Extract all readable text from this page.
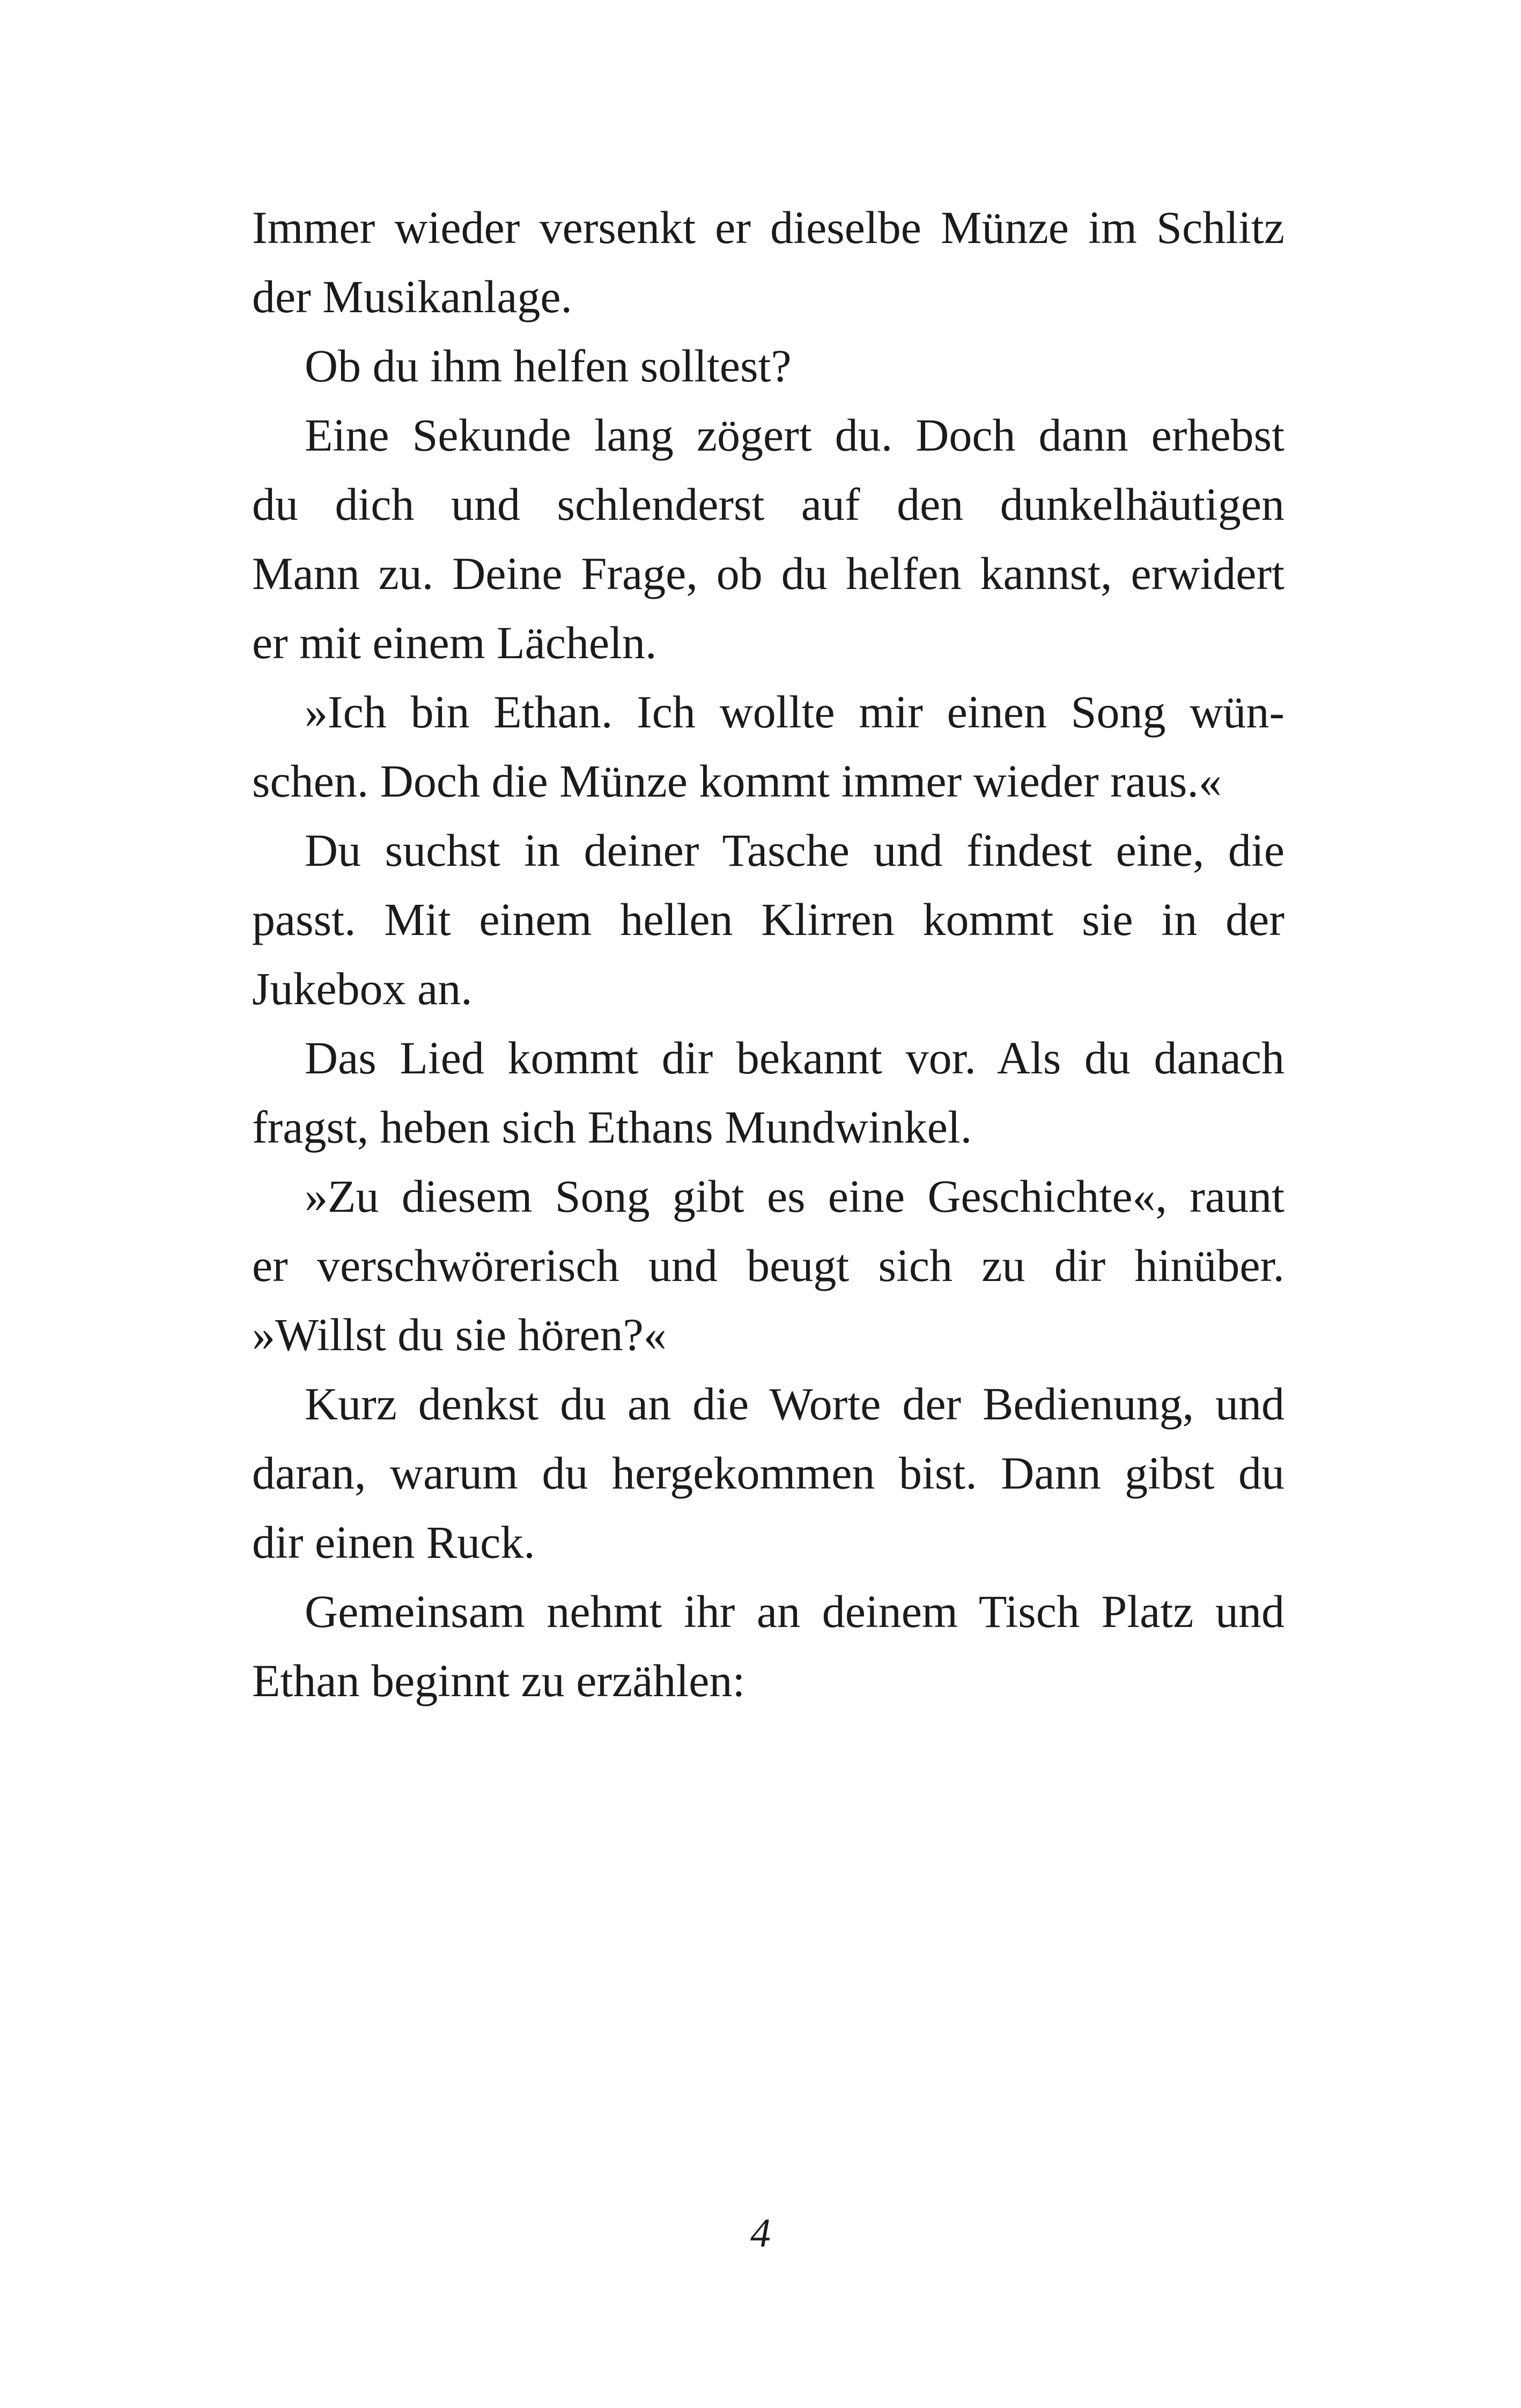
Immer wieder versenkt er dieselbe Münze im Schlitz
der Musikanlage.
Ob du ihm helfen solltest?
Eine Sekunde lang zögert du. Doch dann erhebst
du dich und schlenderst auf den dunkelhäutigen
Mann zu. Deine Frage, ob du helfen kannst, erwidert
er mit einem Lächeln.
»Ich bin Ethan. Ich wollte mir einen Song wün-
schen. Doch die Münze kommt immer wieder raus.«
Du suchst in deiner Tasche und findest eine, die
passt. Mit einem hellen Klirren kommt sie in der
Jukebox an.
Das Lied kommt dir bekannt vor. Als du danach
fragst, heben sich Ethans Mundwinkel.
»Zu diesem Song gibt es eine Geschichte«, raunt
er verschwörerisch und beugt sich zu dir hinüber.
»Willst du sie hören?«
Kurz denkst du an die Worte der Bedienung, und
daran, warum du hergekommen bist. Dann gibst du
dir einen Ruck.
Gemeinsam nehmt ihr an deinem Tisch Platz und
Ethan beginnt zu erzählen:
4
